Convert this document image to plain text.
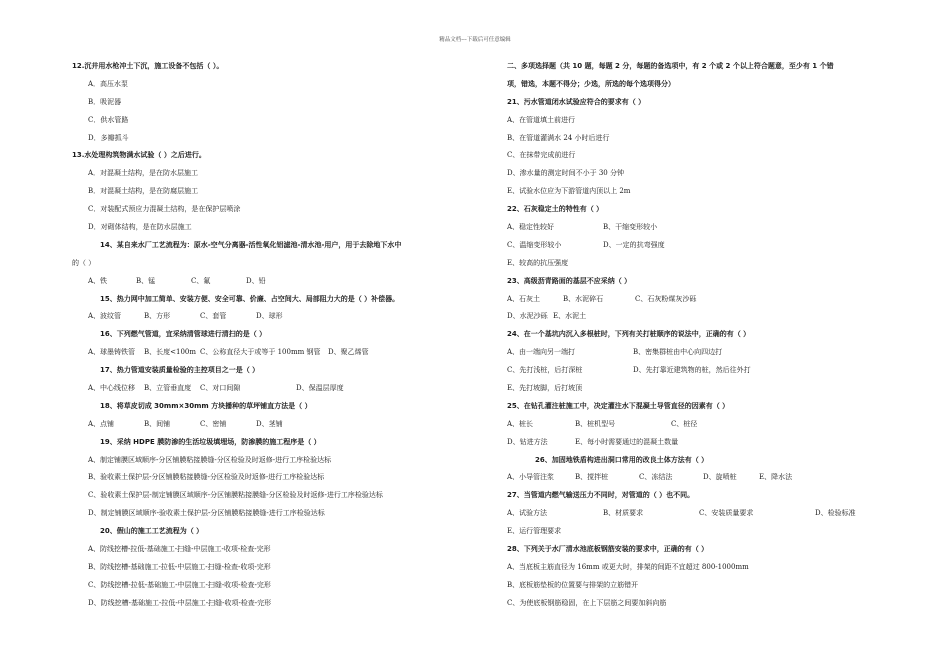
精品文档---下载后可任意编辑
12.沉井用水枪冲土下沉，施工设备不包括（ ）。
A．高压水泵
B．吸泥器
C．供水管路
D．多瓣抓斗
13.水处理构筑物满水试验（ ）之后进行。
A．对混凝土结构，是在防水层施工
B．对混凝土结构，是在防腐层施工
C．对装配式预应力混凝土结构，是在保护层喷涂
D．对砌体结构，是在防水层施工
14、某自来水厂工艺流程为：原水-空气分离器-活性氧化铝滤池-清水池-用户，用于去除地下水中
的（ ）
A、铁	B、锰	C、氟	D、铅
15、热力网中加工简单、安装方便、安全可靠、价廉、占空间大、局部阻力大的是（ ）补偿器。
A、波纹管	B、方形	C、套管	D、球形
16、下列燃气管道，宜采纳清管球进行清扫的是（ ）
A、球墨铸铁管	B、长度<100m C、公称直径大于或等于 100mm 钢管	D、聚乙烯管
17、热力管道安装质量检验的主控项目之一是（ ）
A、中心线位移	B、立管垂直度	C、对口间隙	D、保温层厚度
18、将草皮切成 30mm×30mm 方块播种的草坪铺直方法是（ ）
A、点铺	B、间铺	C、密铺	D、茎铺
19、采纳 HDPE 膜防渗的生活垃圾填埋场，防渗膜的施工程序是（ ）
A、制定铺膜区域顺序-分区铺膜粘接膜缝-分区检验及时返修-进行工序检验达标
B、验收素土保护层-分区铺膜粘接膜缝-分区检验及时返修-进行工序检验达标
C、验收素土保护层-制定铺膜区域顺序-分区铺膜粘接膜缝-分区检验及时返修-进行工序检验达标
D、制定铺膜区域顺序-验收素土保护层-分区铺膜粘接膜缝-进行工序检验达标
20、假山的施工工艺流程为（ ）
A、防线挖槽-拉低-基础施工-扫缝-中层施工-收项-检查-完形
B、防线挖槽-基础施工-拉低-中层施工-扫缝-检查-收项-完形
C、防线挖槽-拉低-基础施工-中层施工-扫缝-收项-检查-完形
D、防线挖槽-基础施工-拉低-中层施工-扫缝-收项-检查-完形
二、多项选择题（共 10 题，每题 2 分，每题的备选项中，有 2 个或 2 个以上符合题意，至少有 1 个错
项，错选，本题不得分；少选，所选的每个选项得分）
21、污水管道闭水试验应符合的要求有（ ）
A、在管道填土前进行
B、在管道灌满水 24 小时后进行
C、在抹带完成前进行
D、渗水量的测定时间不小于 30 分钟
E、试验水位应为下游管道内顶以上 2m
22、石灰稳定土的特性有（ ）
A、稳定性较好	B、干缩变形较小
C、温缩变形较小	D、一定的抗弯强度
E、较高的抗压强度
23、高级沥青路面的基层不应采纳（ ）
A、石灰土	B、水泥碎石	C、石灰粉煤灰沙砾
D、水泥沙砾 E、水泥土
24、在一个基坑内沉入多根桩时，下列有关打桩顺序的说法中，正确的有（ ）
A、由一端向另一端打	B、密集群桩由中心向四边打
C、先打浅桩，后打深桩	D、先打靠近建筑物的桩，然后往外打
E、先打坡脚，后打坡顶
25、在钻孔灌注桩施工中，决定灌注水下混凝土导管直径的因素有（ ）
A、桩长	B、桩机型号	C、桩径
D、钻进方法	E、每小时需要通过的混凝土数量
26、加固地铁盾构进出洞口常用的改良土体方法有（ ）
A、小导管注浆	B、搅拌桩	C、冻结法	D、旋喷桩	E、降水法
27、当管道内燃气输送压力不同时，对管道的（ ）也不同。
A、试验方法	B、材质要求	C、安装质量要求	D、检验标准
E、运行管理要求
28、下列关于水厂清水池底板钢筋安装的要求中，正确的有（ ）
A、当底板主筋直径为 16mm 或更大时，排架的间距不宜超过 800-1000mm
B、底板筋垫板的位置要与排架的立筋错开
C、为使底板钢筋稳固，在上下层筋之间要加斜向筋
